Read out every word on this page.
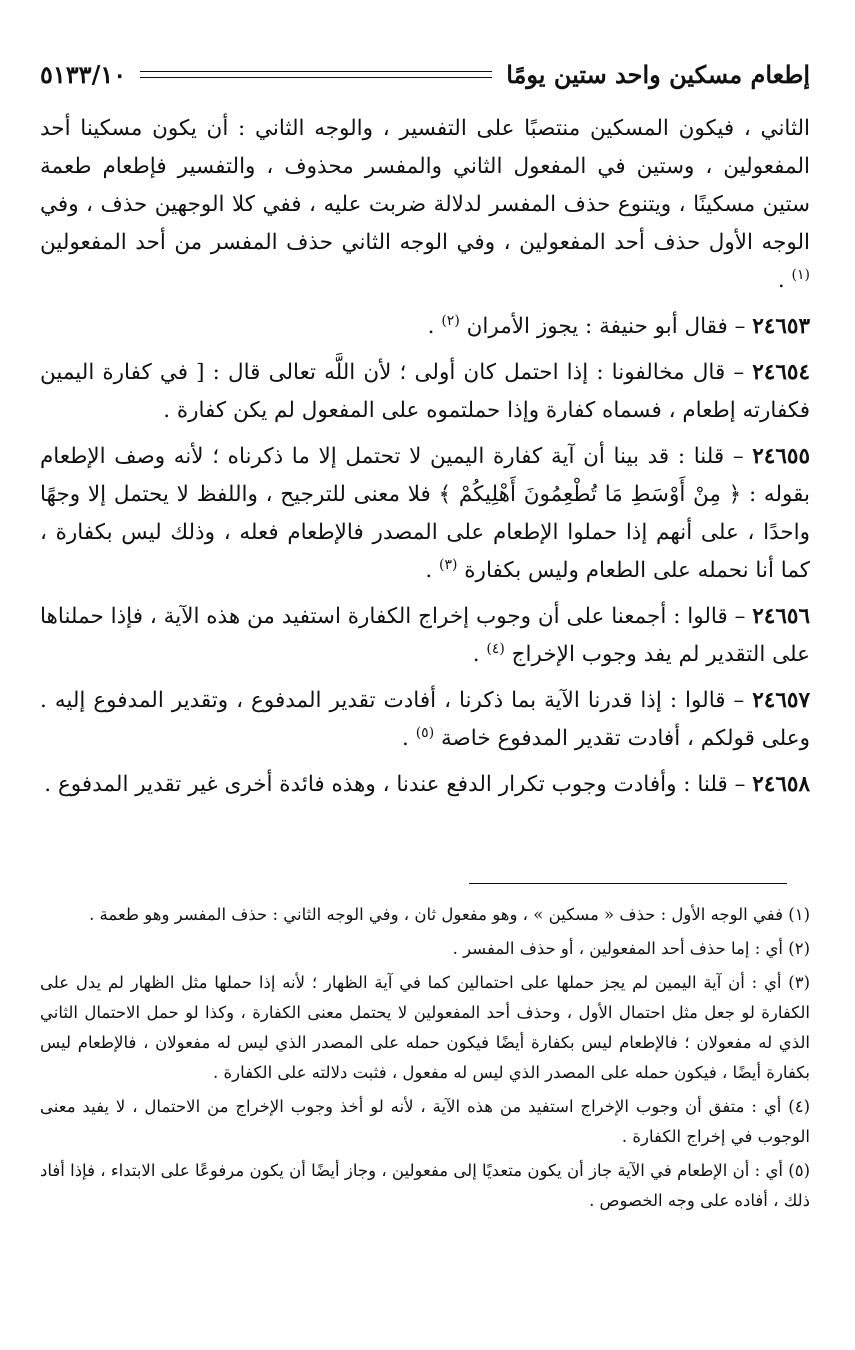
إطعام مسكين واحد ستين يومًا
٥١٣٣/١٠

الثاني ، فيكون المسكين منتصبًا على التفسير ، والوجه الثاني : أن يكون مسكينا أحد المفعولين ، وستين في المفعول الثاني والمفسر محذوف ، والتفسير فإطعام طعمة ستين مسكينًا ، ويتنوع حذف المفسر لدلالة ضربت عليه ، ففي كلا الوجهين حذف ، وفي الوجه الأول حذف أحد المفعولين ، وفي الوجه الثاني حذف المفسر من أحد المفعولين $^{(١)}$ .

٢٤٦٥٣ – فقال أبو حنيفة : يجوز الأمران $^{(٢)}$ .

٢٤٦٥٤ – قال مخالفونا : إذا احتمل كان أولى ؛ لأن اللَّه تعالى قال : [ في كفارة اليمين فكفارته إطعام ، فسماه كفارة وإذا حملتموه على المفعول لم يكن كفارة .

٢٤٦٥٥ – قلنا : قد بينا أن آية كفارة اليمين لا تحتمل إلا ما ذكرناه ؛ لأنه وصف الإطعام بقوله : ﴿ مِنْ أَوْسَطِ مَا تُطْعِمُونَ أَهْلِيكُمْ ﴾ فلا معنى للترجيح ، واللفظ لا يحتمل إلا وجهًا واحدًا ، على أنهم إذا حملوا الإطعام على المصدر فالإطعام فعله ، وذلك ليس بكفارة ، كما أنا نحمله على الطعام وليس بكفارة $^{(٣)}$ .

٢٤٦٥٦ – قالوا : أجمعنا على أن وجوب إخراج الكفارة استفيد من هذه الآية ، فإذا حملناها على التقدير لم يفد وجوب الإخراج $^{(٤)}$ .

٢٤٦٥٧ – قالوا : إذا قدرنا الآية بما ذكرنا ، أفادت تقدير المدفوع ، وتقدير المدفوع إليه . وعلى قولكم ، أفادت تقدير المدفوع خاصة $^{(٥)}$ .

٢٤٦٥٨ – قلنا : وأفادت وجوب تكرار الدفع عندنا ، وهذه فائدة أخرى غير تقدير المدفوع .

(١) ففي الوجه الأول : حذف « مسكين » ، وهو مفعول ثان ، وفي الوجه الثاني : حذف المفسر وهو طعمة .

(٢) أي : إما حذف أحد المفعولين ، أو حذف المفسر .

(٣) أي : أن آية اليمين لم يجز حملها على احتمالين كما في آية الظهار ؛ لأنه إذا حملها مثل الظهار لم يدل على الكفارة لو جعل مثل احتمال الأول ، وحذف أحد المفعولين لا يحتمل معنى الكفارة ، وكذا لو حمل الاحتمال الثاني الذي له مفعولان ؛ فالإطعام ليس بكفارة أيضًا فيكون حمله على المصدر الذي ليس له مفعولان ، فالإطعام ليس بكفارة أيضًا ، فيكون حمله على المصدر الذي ليس له مفعول ، فثبت دلالته على الكفارة .

(٤) أي : متفق أن وجوب الإخراج استفيد من هذه الآية ، لأنه لو أخذ وجوب الإخراج من الاحتمال ، لا يفيد معنى الوجوب في إخراج الكفارة .

(٥) أي : أن الإطعام في الآية جاز أن يكون متعديًا إلى مفعولين ، وجاز أيضًا أن يكون مرفوعًا على الابتداء ، فإذا أفاد ذلك ، أفاده على وجه الخصوص .
